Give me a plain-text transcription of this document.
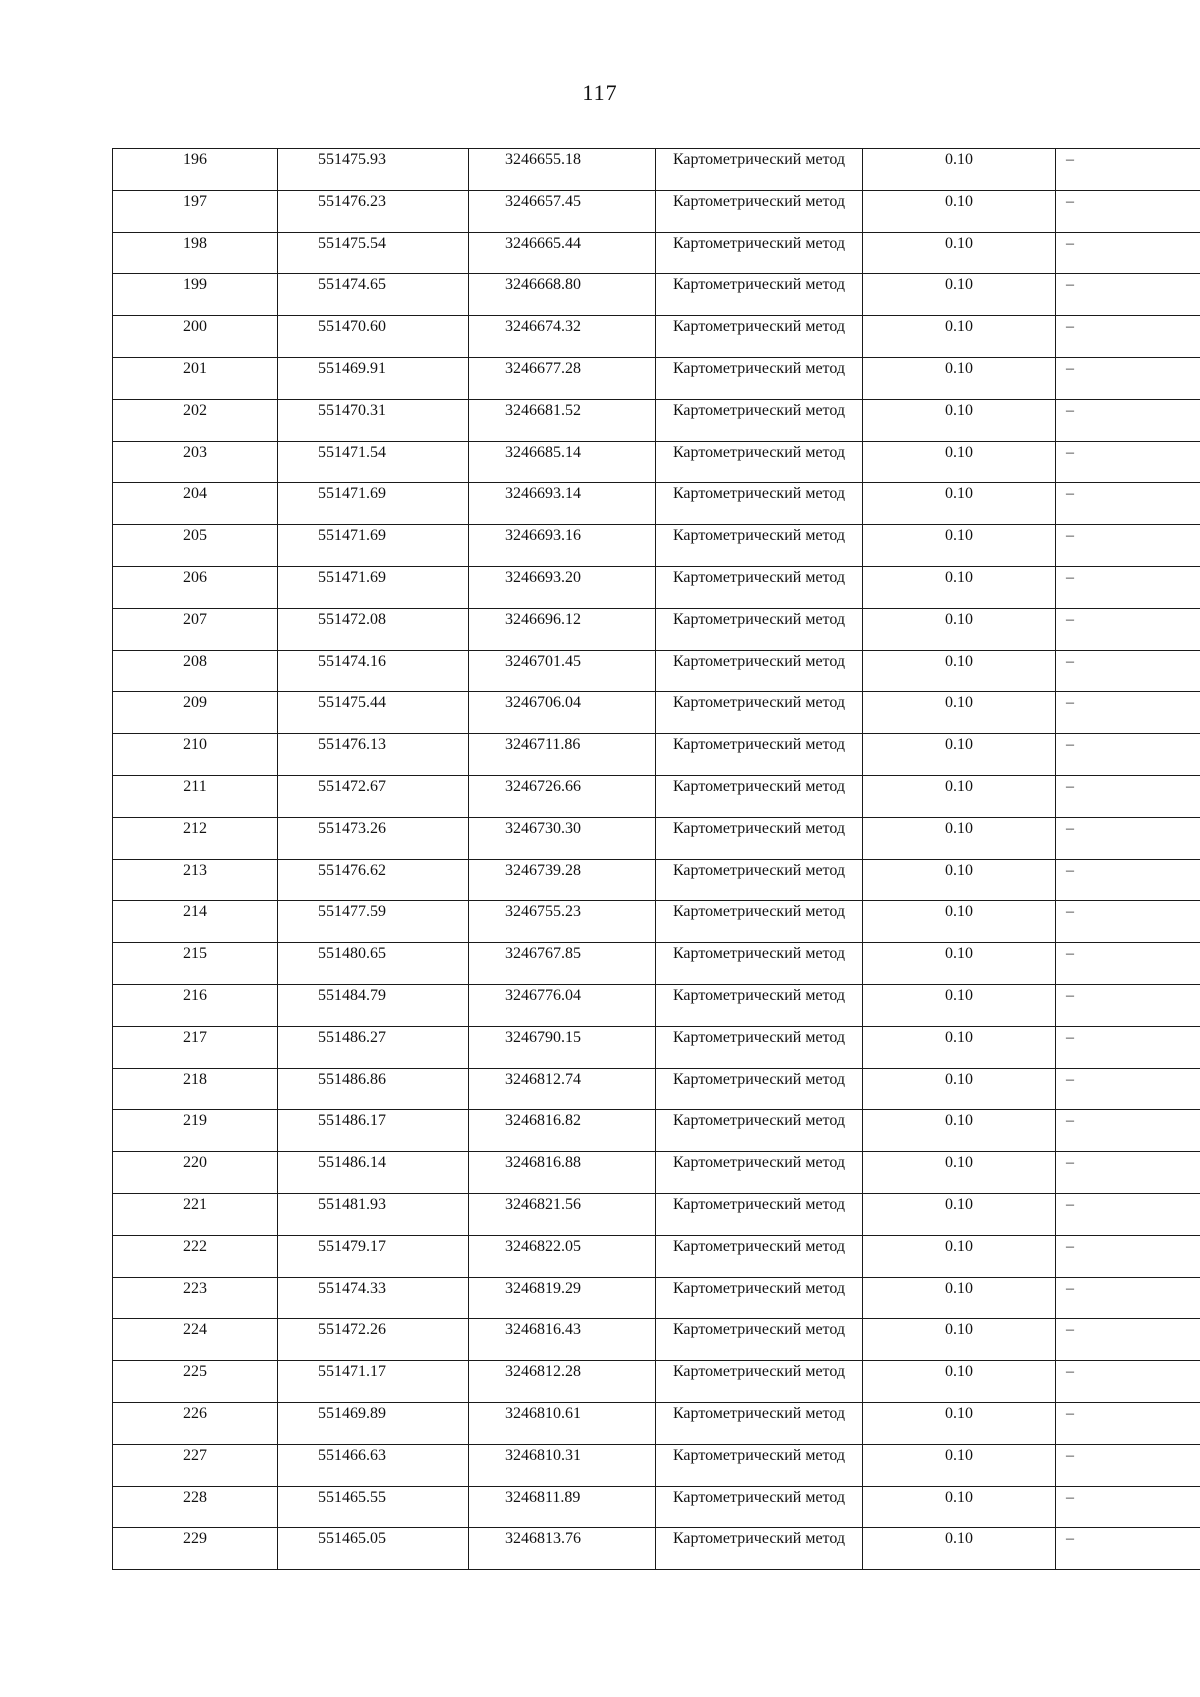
117
196	551475.93	3246655.18	Картометрический метод	0.10	–
197	551476.23	3246657.45	Картометрический метод	0.10	–
198	551475.54	3246665.44	Картометрический метод	0.10	–
199	551474.65	3246668.80	Картометрический метод	0.10	–
200	551470.60	3246674.32	Картометрический метод	0.10	–
201	551469.91	3246677.28	Картометрический метод	0.10	–
202	551470.31	3246681.52	Картометрический метод	0.10	–
203	551471.54	3246685.14	Картометрический метод	0.10	–
204	551471.69	3246693.14	Картометрический метод	0.10	–
205	551471.69	3246693.16	Картометрический метод	0.10	–
206	551471.69	3246693.20	Картометрический метод	0.10	–
207	551472.08	3246696.12	Картометрический метод	0.10	–
208	551474.16	3246701.45	Картометрический метод	0.10	–
209	551475.44	3246706.04	Картометрический метод	0.10	–
210	551476.13	3246711.86	Картометрический метод	0.10	–
211	551472.67	3246726.66	Картометрический метод	0.10	–
212	551473.26	3246730.30	Картометрический метод	0.10	–
213	551476.62	3246739.28	Картометрический метод	0.10	–
214	551477.59	3246755.23	Картометрический метод	0.10	–
215	551480.65	3246767.85	Картометрический метод	0.10	–
216	551484.79	3246776.04	Картометрический метод	0.10	–
217	551486.27	3246790.15	Картометрический метод	0.10	–
218	551486.86	3246812.74	Картометрический метод	0.10	–
219	551486.17	3246816.82	Картометрический метод	0.10	–
220	551486.14	3246816.88	Картометрический метод	0.10	–
221	551481.93	3246821.56	Картометрический метод	0.10	–
222	551479.17	3246822.05	Картометрический метод	0.10	–
223	551474.33	3246819.29	Картометрический метод	0.10	–
224	551472.26	3246816.43	Картометрический метод	0.10	–
225	551471.17	3246812.28	Картометрический метод	0.10	–
226	551469.89	3246810.61	Картометрический метод	0.10	–
227	551466.63	3246810.31	Картометрический метод	0.10	–
228	551465.55	3246811.89	Картометрический метод	0.10	–
229	551465.05	3246813.76	Картометрический метод	0.10	–
